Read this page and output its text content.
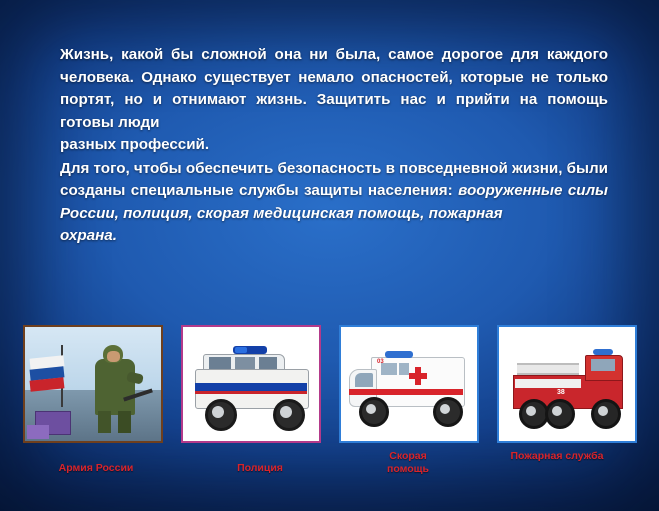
Жизнь, какой бы сложной она ни была, самое дорогое для каждого человека. Однако существует немало опасностей, которые не только портят, но и отнимают жизнь. Защитить нас и прийти на помощь готовы люди
разных профессий.

Для того, чтобы обеспечить безопасность в повседневной жизни, были созданы специальные службы защиты населения: вооруженные силы России, полиция, скорая медицинская помощь, пожарная
охрана.

03
38
Армия России	Полиция
Скорая
помощь
Пожарная служба
